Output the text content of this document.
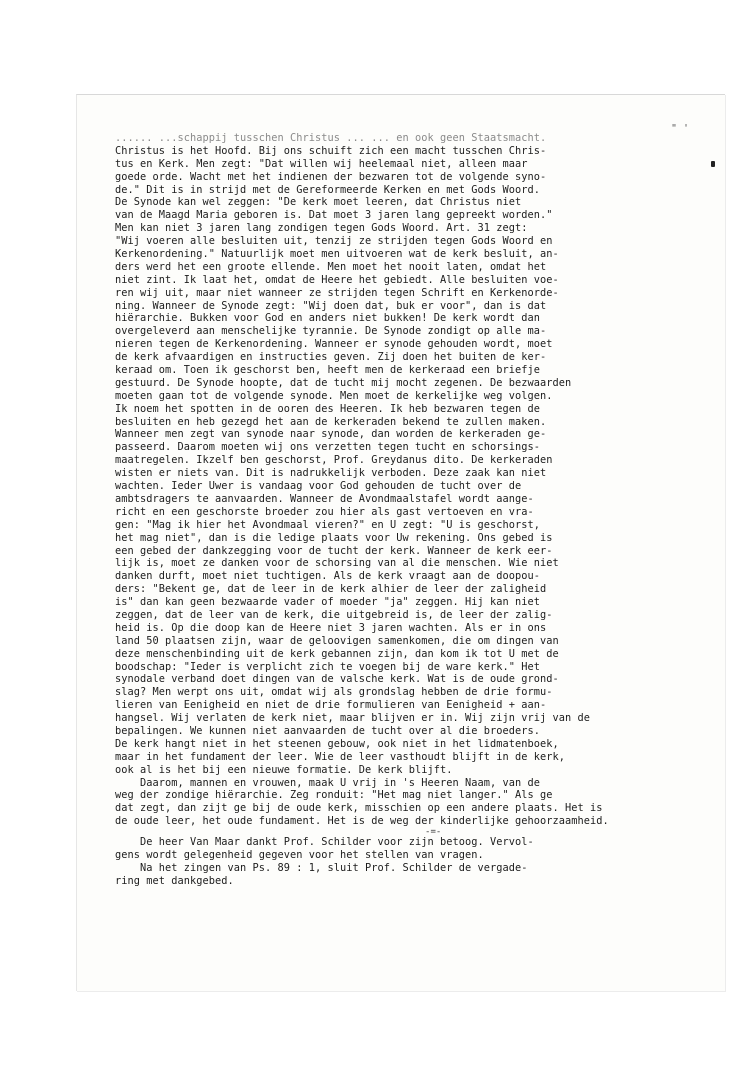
" '
...... ...schappij tusschen Christus ... ... en ook geen Staatsmacht.
Christus is het Hoofd. Bij ons schuift zich een macht tusschen Chris-
tus en Kerk. Men zegt: "Dat willen wij heelemaal niet, alleen maar
goede orde. Wacht met het indienen der bezwaren tot de volgende syno-
de." Dit is in strijd met de Gereformeerde Kerken en met Gods Woord.
De Synode kan wel zeggen: "De kerk moet leeren, dat Christus niet
van de Maagd Maria geboren is. Dat moet 3 jaren lang gepreekt worden."
Men kan niet 3 jaren lang zondigen tegen Gods Woord. Art. 31 zegt:
"Wij voeren alle besluiten uit, tenzij ze strijden tegen Gods Woord en
Kerkenordening." Natuurlijk moet men uitvoeren wat de kerk besluit, an-
ders werd het een groote ellende. Men moet het nooit laten, omdat het
niet zint. Ik laat het, omdat de Heere het gebiedt. Alle besluiten voe-
ren wij uit, maar niet wanneer ze strijden tegen Schrift en Kerkenorde-
ning. Wanneer de Synode zegt: "Wij doen dat, buk er voor", dan is dat
hiërarchie. Bukken voor God en anders niet bukken! De kerk wordt dan
overgeleverd aan menschelijke tyrannie. De Synode zondigt op alle ma-
nieren tegen de Kerkenordening. Wanneer er synode gehouden wordt, moet
de kerk afvaardigen en instructies geven. Zij doen het buiten de ker-
keraad om. Toen ik geschorst ben, heeft men de kerkeraad een briefje
gestuurd. De Synode hoopte, dat de tucht mij mocht zegenen. De bezwaarden
moeten gaan tot de volgende synode. Men moet de kerkelijke weg volgen.
Ik noem het spotten in de ooren des Heeren. Ik heb bezwaren tegen de
besluiten en heb gezegd het aan de kerkeraden bekend te zullen maken.
Wanneer men zegt van synode naar synode, dan worden de kerkeraden ge-
passeerd. Daarom moeten wij ons verzetten tegen tucht en schorsings-
maatregelen. Ikzelf ben geschorst, Prof. Greydanus dito. De kerkeraden
wisten er niets van. Dit is nadrukkelijk verboden. Deze zaak kan niet
wachten. Ieder Uwer is vandaag voor God gehouden de tucht over de
ambtsdragers te aanvaarden. Wanneer de Avondmaalstafel wordt aange-
richt en een geschorste broeder zou hier als gast vertoeven en vra-
gen: "Mag ik hier het Avondmaal vieren?" en U zegt: "U is geschorst,
het mag niet", dan is die ledige plaats voor Uw rekening. Ons gebed is
een gebed der dankzegging voor de tucht der kerk. Wanneer de kerk eer-
lijk is, moet ze danken voor de schorsing van al die menschen. Wie niet
danken durft, moet niet tuchtigen. Als de kerk vraagt aan de doopou-
ders: "Bekent ge, dat de leer in de kerk alhier de leer der zaligheid
is" dan kan geen bezwaarde vader of moeder "ja" zeggen. Hij kan niet
zeggen, dat de leer van de kerk, die uitgebreid is, de leer der zalig-
heid is. Op die doop kan de Heere niet 3 jaren wachten. Als er in ons
land 50 plaatsen zijn, waar de geloovigen samenkomen, die om dingen van
deze menschenbinding uit de kerk gebannen zijn, dan kom ik tot U met de
boodschap: "Ieder is verplicht zich te voegen bij de ware kerk." Het
synodale verband doet dingen van de valsche kerk. Wat is de oude grond-
slag? Men werpt ons uit, omdat wij als grondslag hebben de drie formu-
lieren van Eenigheid en niet de drie formulieren van Eenigheid + aan-
hangsel. Wij verlaten de kerk niet, maar blijven er in. Wij zijn vrij van de
bepalingen. We kunnen niet aanvaarden de tucht over al die broeders.
De kerk hangt niet in het steenen gebouw, ook niet in het lidmatenboek,
maar in het fundament der leer. Wie de leer vasthoudt blijft in de kerk,
ook al is het bij een nieuwe formatie. De kerk blijft.
Daarom, mannen en vrouwen, maak U vrij in 's Heeren Naam, van de
weg der zondige hiërarchie. Zeg ronduit: "Het mag niet langer." Als ge
dat zegt, dan zijt ge bij de oude kerk, misschien op een andere plaats. Het is
de oude leer, het oude fundament. Het is de weg der kinderlijke gehoorzaamheid.
-=-
De heer Van Maar dankt Prof. Schilder voor zijn betoog. Vervol-
gens wordt gelegenheid gegeven voor het stellen van vragen.
Na het zingen van Ps. 89 : 1, sluit Prof. Schilder de vergade-
ring met dankgebed.
